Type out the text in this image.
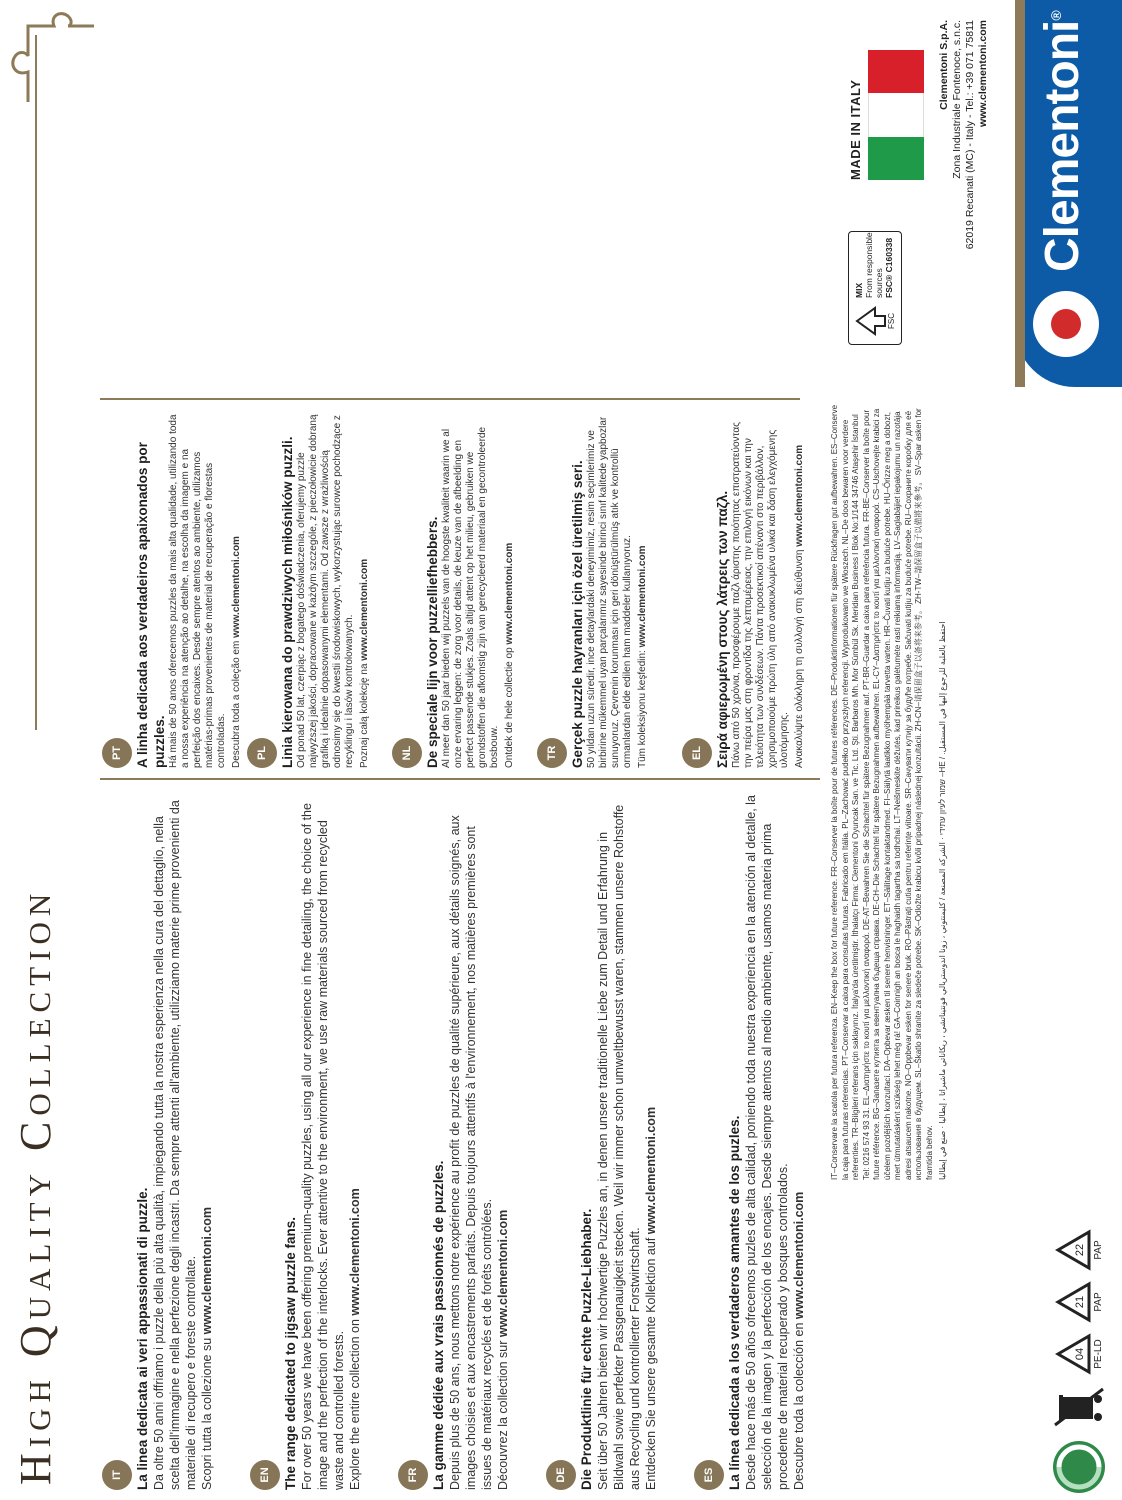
High Quality Collection	IT La linea dedicata ai veri appassionati di puzzle. Da oltre 50 anni offriamo i puzzle della più alta qualità, impiegando tutta la nostra esperienza nella cura del dettaglio, nella scelta dell'immagine e nella perfezione degli incastri. Da sempre attenti all'ambiente, utilizziamo materie prime provenienti da materiale di recupero e foreste controllate. Scopri tutta la collezione su www.clementoni.com
EN The range dedicated to jigsaw puzzle fans. For over 50 years we have been offering premium-quality puzzles, using all our experience in fine detailing, the choice of the image and the perfection of the interlocks. Ever attentive to the environment, we use raw materials sourced from recycled waste and controlled forests. Explore the entire collection on www.clementoni.com
FR La gamme dédiée aux vrais passionnés de puzzles. Depuis plus de 50 ans, nous mettons notre expérience au profit de puzzles de qualité supérieure, aux détails soignés, aux images choisies et aux encastrements parfaits. Depuis toujours attentifs à l'environnement, nos matières premières sont issues de matériaux recyclés et de forêts contrôlées. Découvrez la collection sur www.clementoni.com
DE Die Produktlinie für echte Puzzle-Liebhaber. Seit über 50 Jahren bieten wir hochwertige Puzzles an, in denen unsere traditionelle Liebe zum Detail und Erfahrung in Bildwahl sowie perfekter Passgenauigkeit stecken. Weil wir immer schon umweltbewusst waren, stammen unsere Rohstoffe aus Recycling und kontrollierter Forstwirtschaft. Entdecken Sie unsere gesamte Kollektion auf www.clementoni.com
ES La línea dedicada a los verdaderos amantes de los puzles. Desde hace más de 50 años ofrecemos puzles de alta calidad, poniendo toda nuestra experiencia en la atención al detalle, la selección de la imagen y la perfección de los encajes. Desde siempre atentos al medio ambiente, usamos materia prima procedente de material recuperado y bosques controlados. Descubre toda la colección en www.clementoni.com
PT A linha dedicada aos verdadeiros apaixonados por puzzles. Há mais de 50 anos oferecemos puzzles da mais alta qualidade, utilizando toda a nossa experiência na atenção ao detalhe, na escolha da imagem e na perfeição dos encaixes. Desde sempre atentos ao ambiente, utilizamos matérias-primas provenientes de material de recuperação e florestas controladas. Descubra toda a coleção em www.clementoni.com
PL Linia kierowana do prawdziwych miłośników puzzli. Od ponad 50 lat, czerpiąc z bogatego doświadczenia, oferujemy puzzle najwyższej jakości, dopracowane w każdym szczególe, z pieczołowicie dobraną grafiką i idealnie dopasowanymi elementami. Od zawsze z wrażliwością odnosimy się do kwestii środowiskowych, wykorzystując surowce pochodzące z recyklingu i lasów kontrolowanych. Poznaj całą kolekcję na www.clementoni.com
NL De speciale lijn voor puzzelliefhebbers. Al meer dan 50 jaar bieden wij puzzels van de hoogste kwaliteit waarin we al onze ervaring leggen: de zorg voor details, de keuze van de afbeelding en perfect passende stukjes. Zoals altijd attent op het milieu, gebruiken we grondstoffen die afkomstig zijn van gerecycleerd materiaal en gecontroleerde bosbouw. Ontdek de hele collectie op www.clementoni.com
TR Gerçek puzzle hayranları için özel üretilmiş seri. 50 yıldan uzun süredir, ince detaylardaki deneyimimiz, resim seçimlerimiz ve birbirine mükemmel uyan parçalarımız sayesinde birinci sınıf kalitede yapbozlar sunuyoruz. Çevrenin korunması için geri dönüştürülmüş atık ve kontrollü ormanlardan elde edilen ham maddeler kullanıyoruz. Tüm koleksiyonu keşfedin: www.clementoni.com
EL Σειρά αφιερωμένη στους λάτρεις των παζλ. Πάνω από 50 χρόνια, προσφέρουμε παζλ άριστης ποιότητας επιστρατεύοντας την πείρα μας στη φροντίδα της λεπτομέρειας, την επιλογή εικόνων και την τελειότητα των συνδέσεων. Πάντα προσεκτικοί απέναντι στο περιβάλλον, χρησιμοποιούμε πρώτη ύλη από ανακυκλωμένα υλικά και δάση ελεγχόμενης υλοτόμησης. Ανακαλύψτε ολόκληρη τη συλλογή στη διεύθυνση www.clementoni.com	IT–Conservare la scatola per futura referenza. EN–Keep the box for future reference. FR–Conserver la boîte pour de futures références. DE–Produktinformationen für spätere Rückfragen gut aufbewahren. ES–Conserve la caja para futuras referencias. PT–Conservar a caixa para consultas futuras. Fabricado em Itália. PL–Zachować pudełko do przyszłych referencji. Wyprodukowano we Włoszech. NL–De doos bewaren voor verdere referenties. TR–Bilgileri referans için saklayınız. İtalya'da üretilmiştir. İthalatçı Firma: Clementoni Oyuncak San. ve Tic. Ltd. Şti. Barbaros Mh. Mor Sümbül Sk. Meridian Business I Blok No:1/144 34746 Ataşehir İstanbul Tel: 0216 574 93 31. EL–Διατηρήστε το κουτί για μελλοντική αναφορά. DE-AT–Bewahren Sie die Schachtel für spätere Bezugnahmen auf. PT-BR–Guardar a caixa para referência futura. FR-BE–Conserver la boîte pour future référence. BG–Запазете кутията за евентуална бъдеща справка. DE-CH–Die Schachtel für spätere Bezugnahmen aufbewahren. EL-CY–Διατηρήστε το κουτί για μελλοντική αναφορά. CS–Uschovejte krabici za účelem pozdějších konzultací. DA–Opbevar æsken til senere henvisninger. ET–Säilitage kontaktandmed. FI–Säilytä laatikko myöhempää tarvetta varten. HR–Čuvati kutiju za buduće potrebe. HU–Őrizze meg a dobozt, mert útmutatásként szükség lehet még rá! GA–Coinnigh an bosca le haghaidh tagartha sa todhchaí. LT–Neišmeskite dėžutės, kad prireikus galėtumėte rasti reikiamą informaciją. LV–Saglabājiet iepakojumu un razotāja adresi atsaucem nakotne. NO–Oppbevar esken for senere bruk. RO–Păstrați cutia pentru referințe viitoare. SR–Сачувати кутију за будуће потребе. Sačuvati kutiju za buduće potrebe. RU–Сохраните коробку для её использования в будущем. SL–Škatlo shranite za sledeče potrebe. SK–Odložte krabicu kvôli prípadnej následnej konzultácii. ZH-CN–请保留盒子以备将来参考。 ZH-TW–請保留盒子以備將來參考。 SV–Spar asken for framtida behov. احتفظ بالعلبة للرجوع إليها في المستقبل. / HE– שמור לעיון עתידי · الشركة المصنعة / كليمنتوني ، زونا اندوستريالي فونتيناتشي ، ريكاناتي ماشيراتا ، إيطاليا · صنع في إيطاليا
04 PE-LD
21 PAP
22 PAP
FSC
MIX From responsible sources FSC® C160338
MADE IN ITALY
Clementoni S.p.A. Zona Industriale Fontenoce, s.n.c. 62019 Recanati (MC) - Italy - Tel.: +39 071 75811 www.clementoni.com Clementoni®
